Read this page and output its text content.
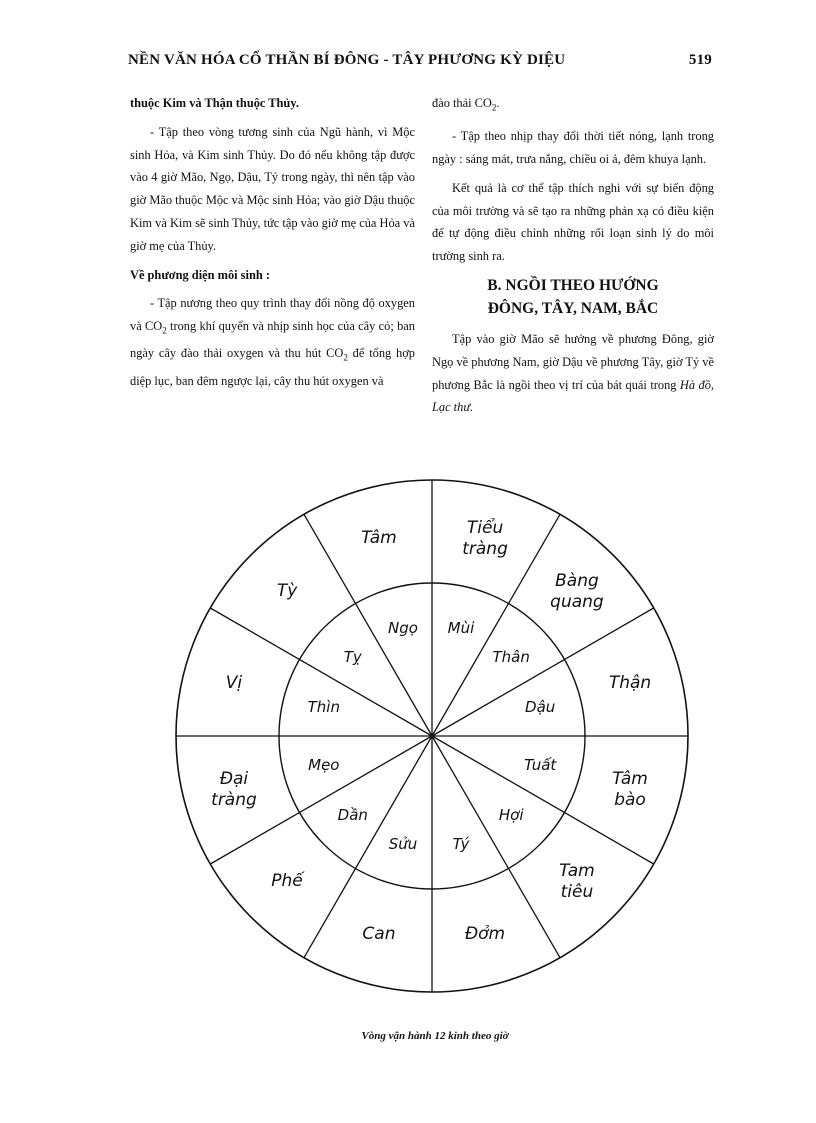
NỀN VĂN HÓA CỔ THẦN BÍ ĐÔNG - TÂY PHƯƠNG KỲ DIỆU	519

thuộc Kim và Thận thuộc Thủy.

- Tập theo vòng tương sinh của Ngũ hành, vì Mộc sinh Hỏa, và Kim sinh Thủy. Do đó nếu không tập được vào 4 giờ Mão, Ngọ, Dậu, Tý trong ngày, thì nên tập vào giờ Mão thuộc Mộc và Mộc sinh Hỏa; vào giờ Dậu thuộc Kim và Kim sẽ sinh Thủy, tức tập vào giờ mẹ của Hỏa và giờ mẹ của Thủy.

Về phương diện môi sinh :

- Tập nương theo quy trình thay đổi nồng độ oxygen và $CO_2$ trong khí quyển và nhịp sinh học của cây cỏ; ban ngày cây đào thải oxygen và thu hút $CO_2$ để tổng hợp diệp lục, ban đêm ngược lại, cây thu hút oxygen và

đào thải $CO_2$.

- Tập theo nhịp thay đổi thời tiết nóng, lạnh trong ngày : sáng mát, trưa nắng, chiều oi ả, đêm khuya lạnh.

Kết quả là cơ thể tập thích nghi với sự biến động của môi trường và sẽ tạo ra những phản xạ có điều kiện để tự động điều chỉnh những rối loạn sinh lý do môi trường sinh ra.

B. NGỒI THEO HƯỚNG
ĐÔNG, TÂY, NAM, BẮC

Tập vào giờ Mão sẽ hướng về phương Đông, giờ Ngọ về phương Nam, giờ Dậu về phương Tây, giờ Tý về phương Bắc là ngồi theo vị trí của bát quái trong Hà đồ, Lạc thư.

Tiểu tràng
Bàng quang
Thận
Tâm bào
Tam tiêu
Đởm
Can
Phế
Đại tràng
Vị
Tỳ
Tâm
Mùi
Thân
Dậu
Tuất
Hợi
Tý
Sửu
Dần
Mẹo
Thìn
Tỵ
Ngọ
Vòng vận hành 12 kinh theo giờ
